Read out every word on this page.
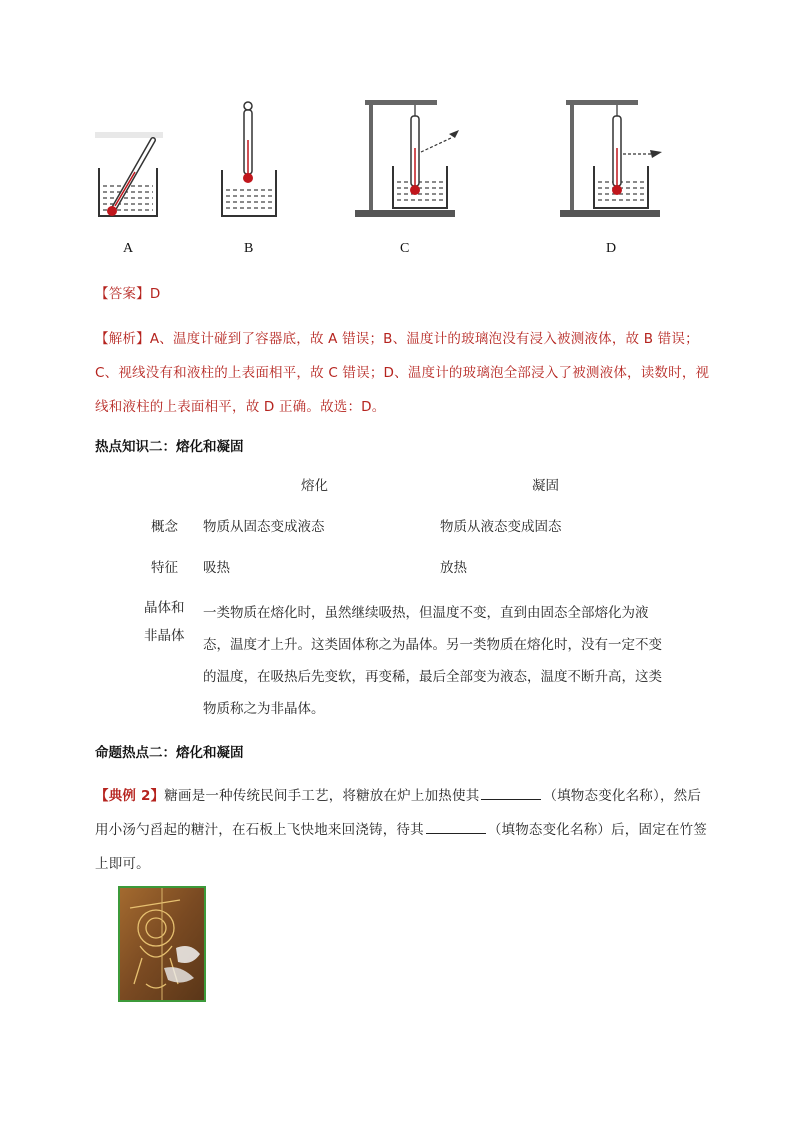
A	B	C	D
【答案】D
【解析】A、温度计碰到了容器底，故 A 错误；B、温度计的玻璃泡没有浸入被测液体，故 B 错误；C、视线没有和液柱的上表面相平，故 C 错误；D、温度计的玻璃泡全部浸入了被测液体，读数时，视线和液柱的上表面相平，故 D 正确。故选：D。
热点知识二：熔化和凝固
熔化	凝固
概念 物质从固态变成液态	物质从液态变成固态
特征 吸热	放热
晶体和
非晶体
一类物质在熔化时，虽然继续吸热，但温度不变，直到由固态全部熔化为液态，温度才上升。这类固体称之为晶体。另一类物质在熔化时，没有一定不变的温度，在吸热后先变软，再变稀，最后全部变为液态，温度不断升高，这类物质称之为非晶体。
命题热点二：熔化和凝固
【典例 2】糖画是一种传统民间手工艺，将糖放在炉上加热使其	（填物态变化名称），然后用小汤勺舀起的糖汁，在石板上飞快地来回浇铸，待其	（填物态变化名称）后，固定在竹签上即可。
